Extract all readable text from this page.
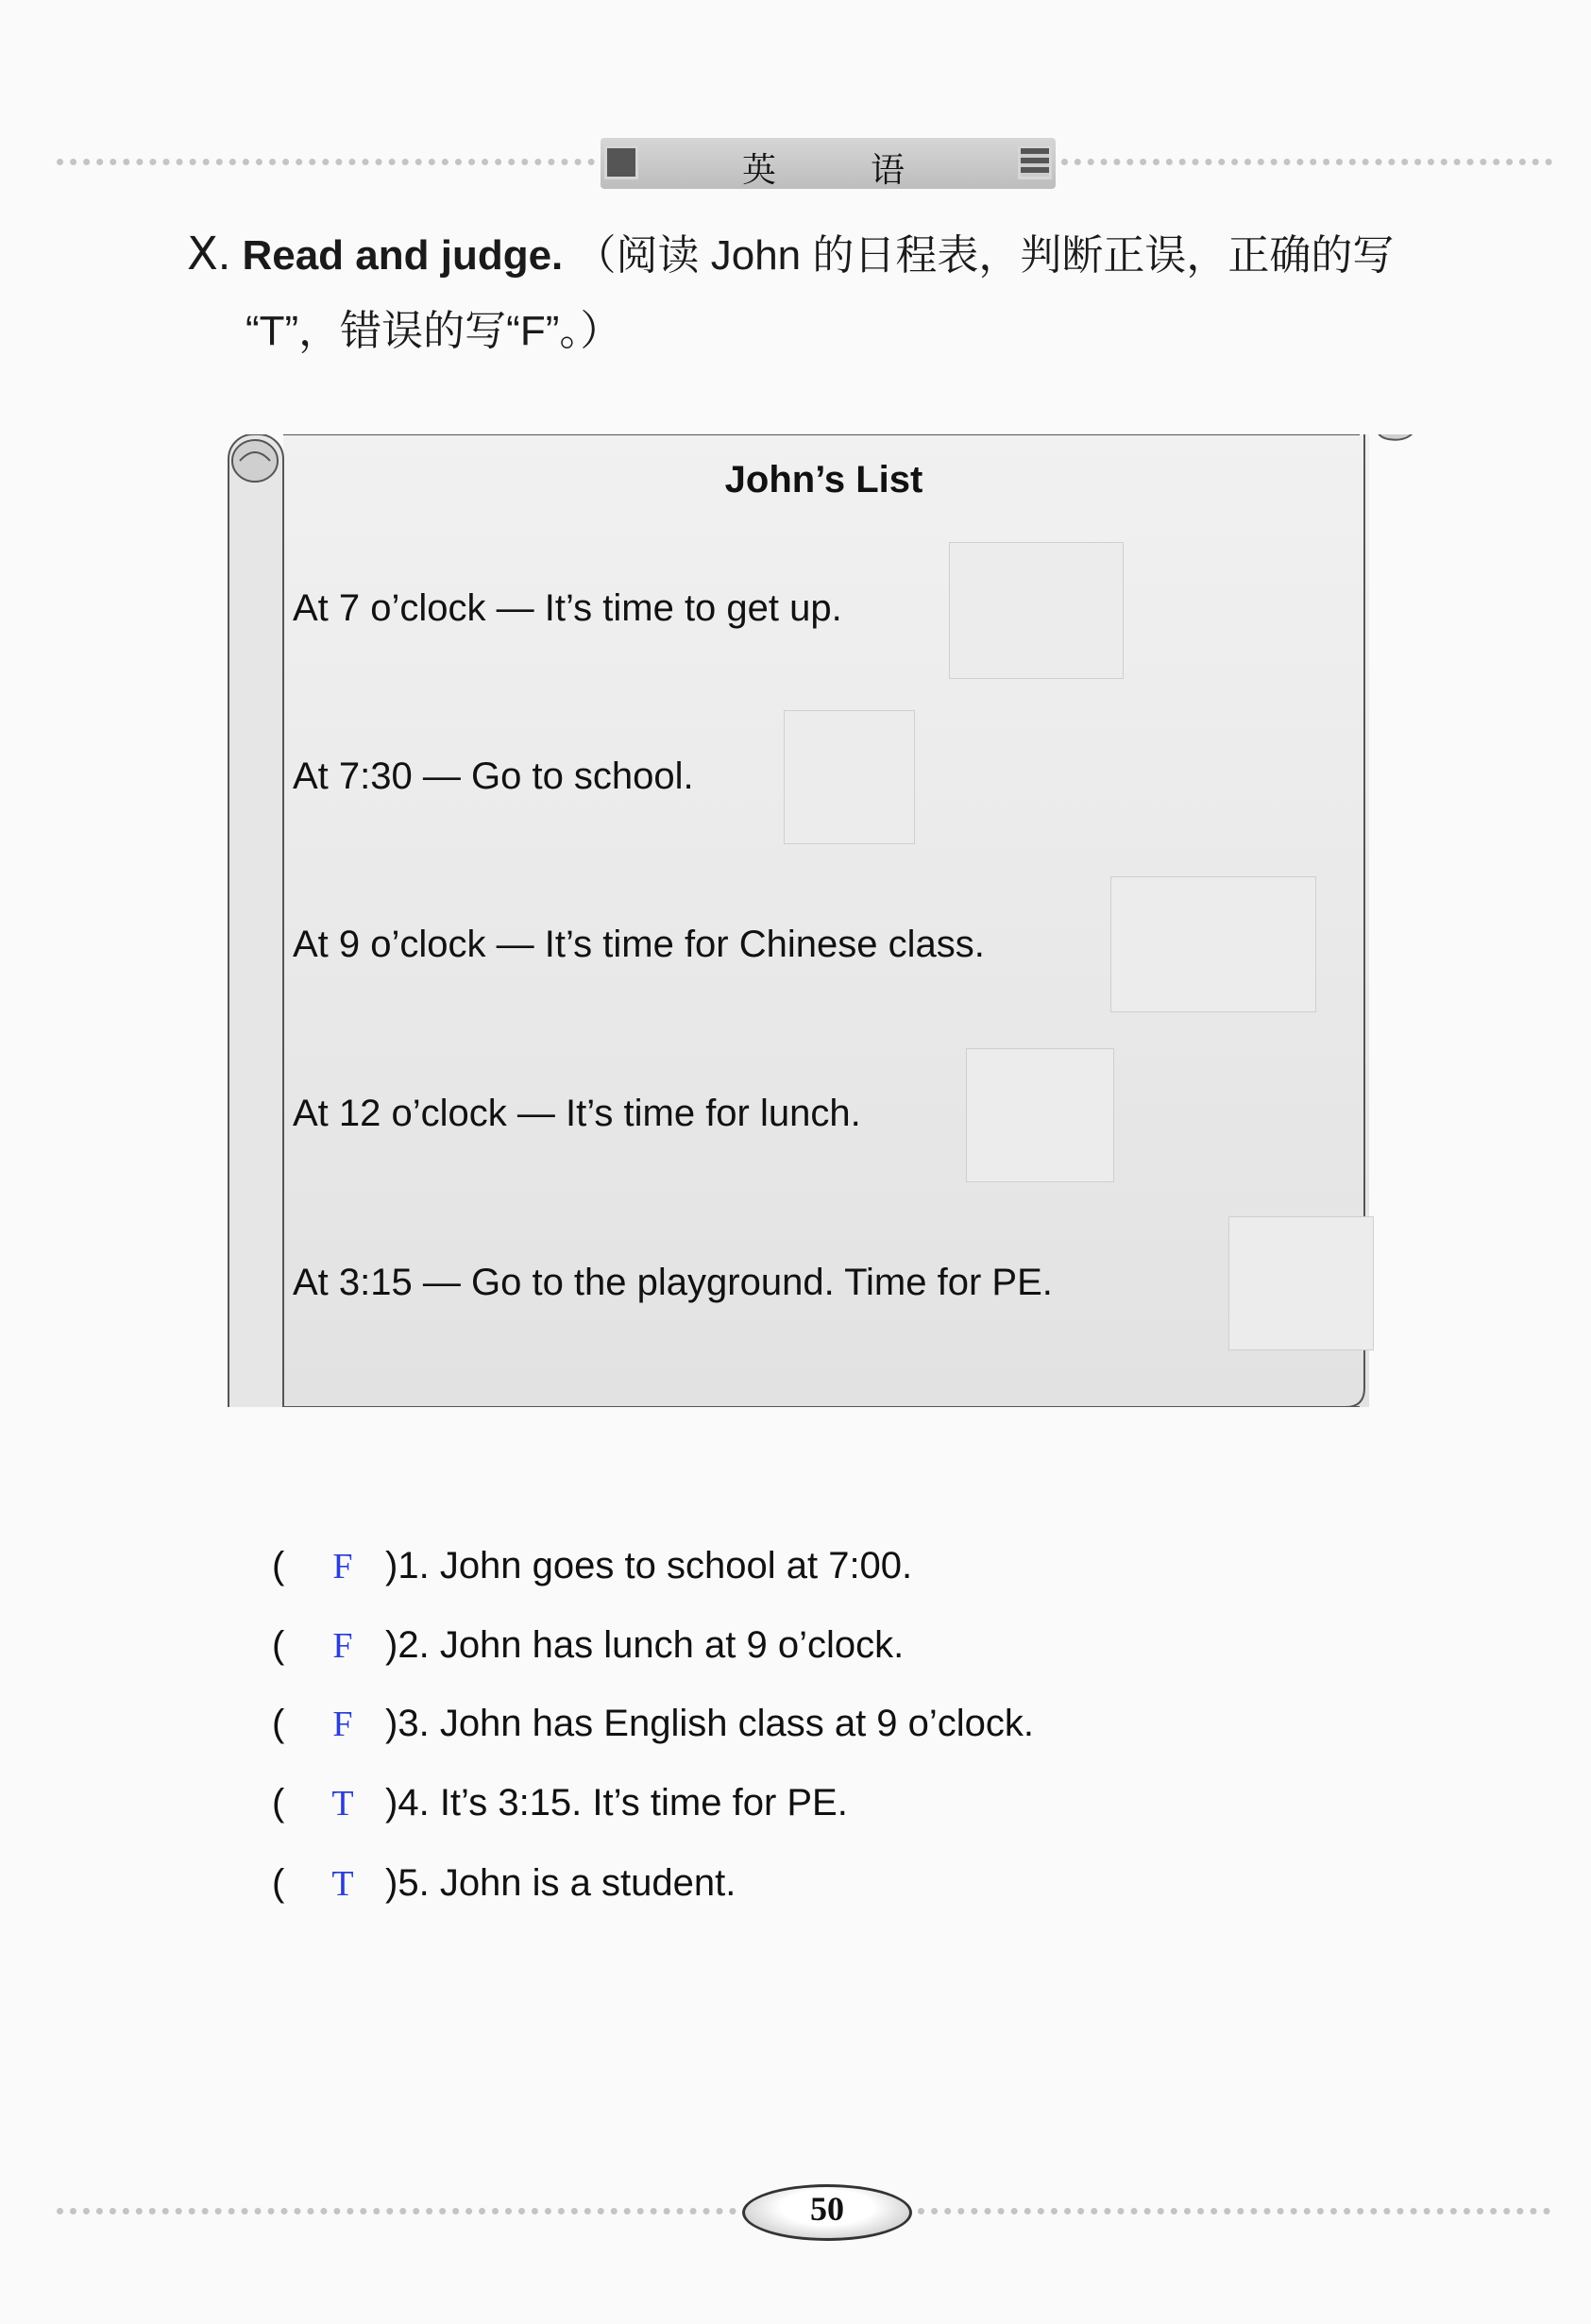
英	语
Ⅹ. Read and judge. （阅读 John 的日程表，判断正误，正确的写
“T”，错误的写“F”。）
John’s List
At 7 o’clock — It’s time to get up.
At 7:30 — Go to school.
At 9 o’clock — It’s time for Chinese class.
At 12 o’clock — It’s time for lunch.
At 3:15 — Go to the playground. Time for PE.
( F )1. John goes to school at 7:00.
( F )2. John has lunch at 9 o’clock.
( F )3. John has English class at 9 o’clock.
( T )4. It’s 3:15. It’s time for PE.
( T )5. John is a student.
50
